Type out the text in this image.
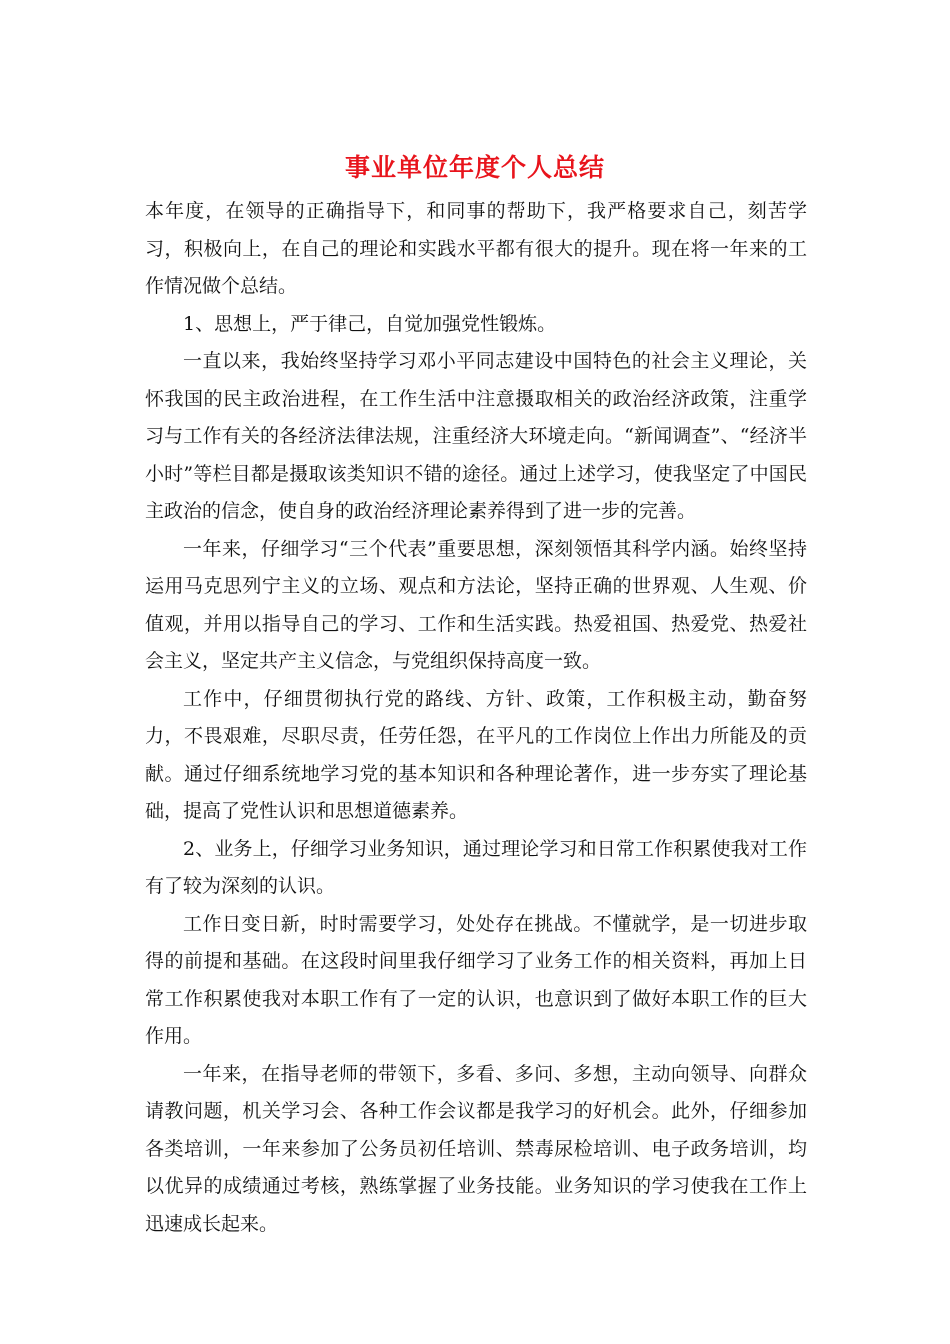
事业单位年度个人总结

本年度，在领导的正确指导下，和同事的帮助下，我严格要求自己，刻苦学习，积极向上，在自己的理论和实践水平都有很大的提升。现在将一年来的工作情况做个总结。

1、思想上，严于律己，自觉加强党性锻炼。

一直以来，我始终坚持学习邓小平同志建设中国特色的社会主义理论，关怀我国的民主政治进程，在工作生活中注意摄取相关的政治经济政策，注重学习与工作有关的各经济法律法规，注重经济大环境走向。“新闻调查”、“经济半小时”等栏目都是摄取该类知识不错的途径。通过上述学习，使我坚定了中国民主政治的信念，使自身的政治经济理论素养得到了进一步的完善。

一年来，仔细学习“三个代表”重要思想，深刻领悟其科学内涵。始终坚持运用马克思列宁主义的立场、观点和方法论，坚持正确的世界观、人生观、价值观，并用以指导自己的学习、工作和生活实践。热爱祖国、热爱党、热爱社会主义，坚定共产主义信念，与党组织保持高度一致。

工作中，仔细贯彻执行党的路线、方针、政策，工作积极主动，勤奋努力，不畏艰难，尽职尽责，任劳任怨，在平凡的工作岗位上作出力所能及的贡献。通过仔细系统地学习党的基本知识和各种理论著作，进一步夯实了理论基础，提高了党性认识和思想道德素养。

2、业务上，仔细学习业务知识，通过理论学习和日常工作积累使我对工作有了较为深刻的认识。

工作日变日新，时时需要学习，处处存在挑战。不懂就学，是一切进步取得的前提和基础。在这段时间里我仔细学习了业务工作的相关资料，再加上日常工作积累使我对本职工作有了一定的认识，也意识到了做好本职工作的巨大作用。

一年来，在指导老师的带领下，多看、多问、多想，主动向领导、向群众请教问题，机关学习会、各种工作会议都是我学习的好机会。此外，仔细参加各类培训，一年来参加了公务员初任培训、禁毒尿检培训、电子政务培训，均以优异的成绩通过考核，熟练掌握了业务技能。业务知识的学习使我在工作上迅速成长起来。
